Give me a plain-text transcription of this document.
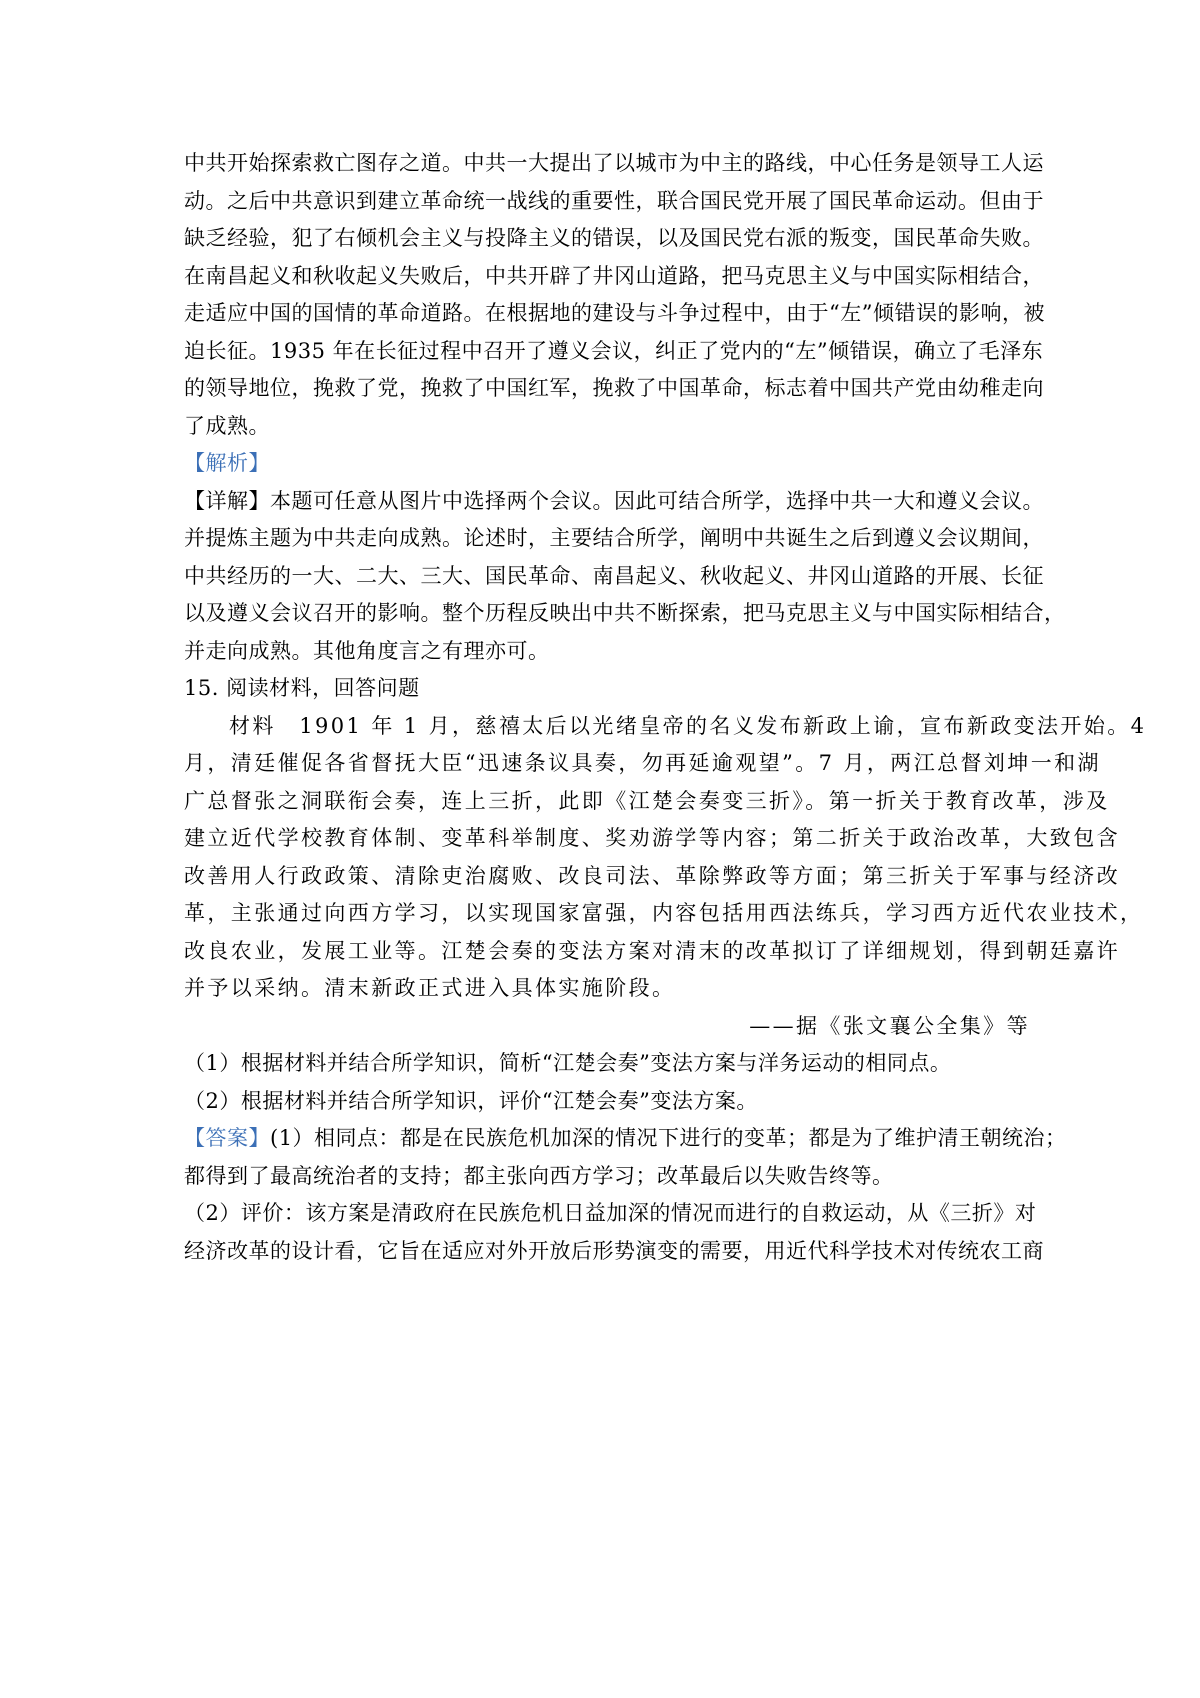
中共开始探索救亡图存之道。中共一大提出了以城市为中主的路线，中心任务是领导工人运
动。之后中共意识到建立革命统一战线的重要性，联合国民党开展了国民革命运动。但由于
缺乏经验，犯了右倾机会主义与投降主义的错误，以及国民党右派的叛变，国民革命失败。
在南昌起义和秋收起义失败后，中共开辟了井冈山道路，把马克思主义与中国实际相结合，
走适应中国的国情的革命道路。在根据地的建设与斗争过程中，由于“左”倾错误的影响，被
迫长征。1935 年在长征过程中召开了遵义会议，纠正了党内的“左”倾错误，确立了毛泽东
的领导地位，挽救了党，挽救了中国红军，挽救了中国革命，标志着中国共产党由幼稚走向
了成熟。
【解析】
【详解】本题可任意从图片中选择两个会议。因此可结合所学，选择中共一大和遵义会议。
并提炼主题为中共走向成熟。论述时，主要结合所学，阐明中共诞生之后到遵义会议期间，
中共经历的一大、二大、三大、国民革命、南昌起义、秋收起义、井冈山道路的开展、长征
以及遵义会议召开的影响。整个历程反映出中共不断探索，把马克思主义与中国实际相结合，
并走向成熟。其他角度言之有理亦可。
15. 阅读材料，回答问题
材料　1901 年 1 月，慈禧太后以光绪皇帝的名义发布新政上谕，宣布新政变法开始。4
月，清廷催促各省督抚大臣“迅速条议具奏，勿再延逾观望”。7 月，两江总督刘坤一和湖
广总督张之洞联衔会奏，连上三折，此即《江楚会奏变三折》。第一折关于教育改革，涉及
建立近代学校教育体制、变革科举制度、奖劝游学等内容；第二折关于政治改革，大致包含
改善用人行政政策、清除吏治腐败、改良司法、革除弊政等方面；第三折关于军事与经济改
革，主张通过向西方学习，以实现国家富强，内容包括用西法练兵，学习西方近代农业技术，
改良农业，发展工业等。江楚会奏的变法方案对清末的改革拟订了详细规划，得到朝廷嘉许
并予以采纳。清末新政正式进入具体实施阶段。
——据《张文襄公全集》等
（1）根据材料并结合所学知识，简析“江楚会奏”变法方案与洋务运动的相同点。
（2）根据材料并结合所学知识，评价“江楚会奏”变法方案。
【答案】(1）相同点：都是在民族危机加深的情况下进行的变革；都是为了维护清王朝统治；
都得到了最高统治者的支持；都主张向西方学习；改革最后以失败告终等。
（2）评价：该方案是清政府在民族危机日益加深的情况而进行的自救运动，从《三折》对
经济改革的设计看，它旨在适应对外开放后形势演变的需要，用近代科学技术对传统农工商
